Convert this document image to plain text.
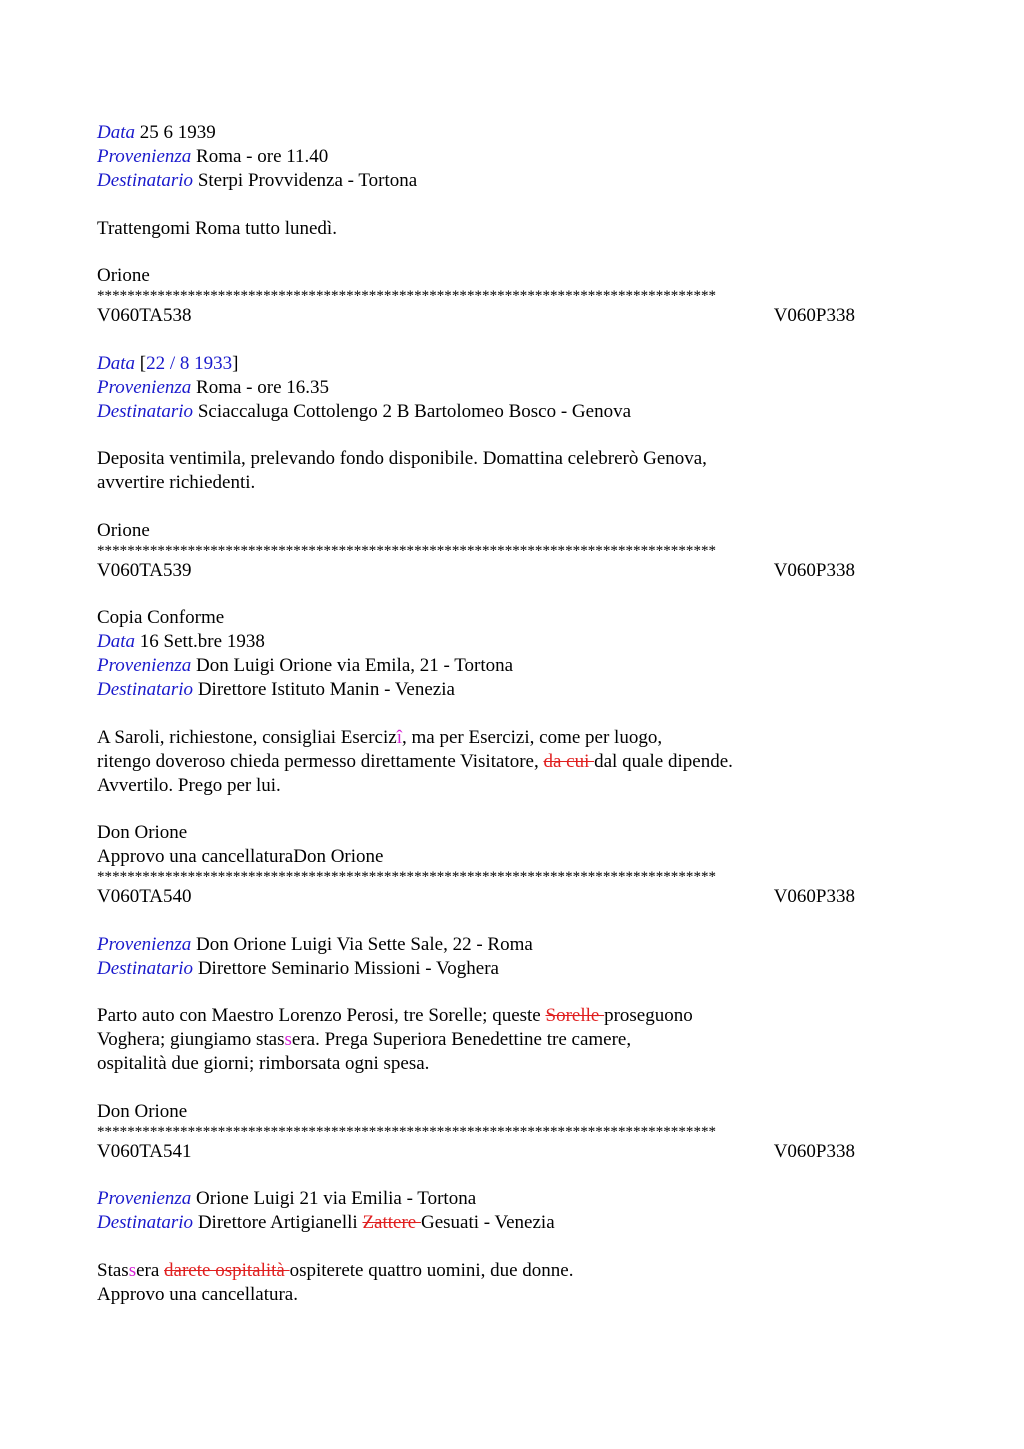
Data 25 6 1939
Provenienza Roma - ore 11.40
Destinatario Sterpi Provvidenza - Tortona
Trattengomi Roma tutto lunedì.
Orione
**********************************************************************************
V060TA538	V060P338
Data [22 / 8 1933]
Provenienza Roma - ore 16.35
Destinatario Sciaccaluga Cottolengo 2 B Bartolomeo Bosco - Genova
Deposita ventimila, prelevando fondo disponibile. Domattina celebrerò Genova,
avvertire richiedenti.
Orione
**********************************************************************************
V060TA539	V060P338
Copia Conforme
Data 16 Sett.bre 1938
Provenienza Don Luigi Orione via Emila, 21 - Tortona
Destinatario Direttore Istituto Manin - Venezia
A Saroli, richiestone, consigliai Esercizî, ma per Esercizi, come per luogo,
ritengo doveroso chieda permesso direttamente Visitatore, da cui dal quale dipende.
Avvertilo. Prego per lui.
Don Orione
Approvo una cancellaturaDon Orione
**********************************************************************************
V060TA540	V060P338
Provenienza Don Orione Luigi Via Sette Sale, 22 - Roma
Destinatario Direttore Seminario Missioni - Voghera
Parto auto con Maestro Lorenzo Perosi, tre Sorelle; queste Sorelle proseguono
Voghera; giungiamo stassera. Prega Superiora Benedettine tre camere,
ospitalità due giorni; rimborsata ogni spesa.
Don Orione
**********************************************************************************
V060TA541	V060P338
Provenienza Orione Luigi 21 via Emilia - Tortona
Destinatario Direttore Artigianelli Zattere Gesuati - Venezia
Stassera darete ospitalità ospiterete quattro uomini, due donne.
Approvo una cancellatura.
